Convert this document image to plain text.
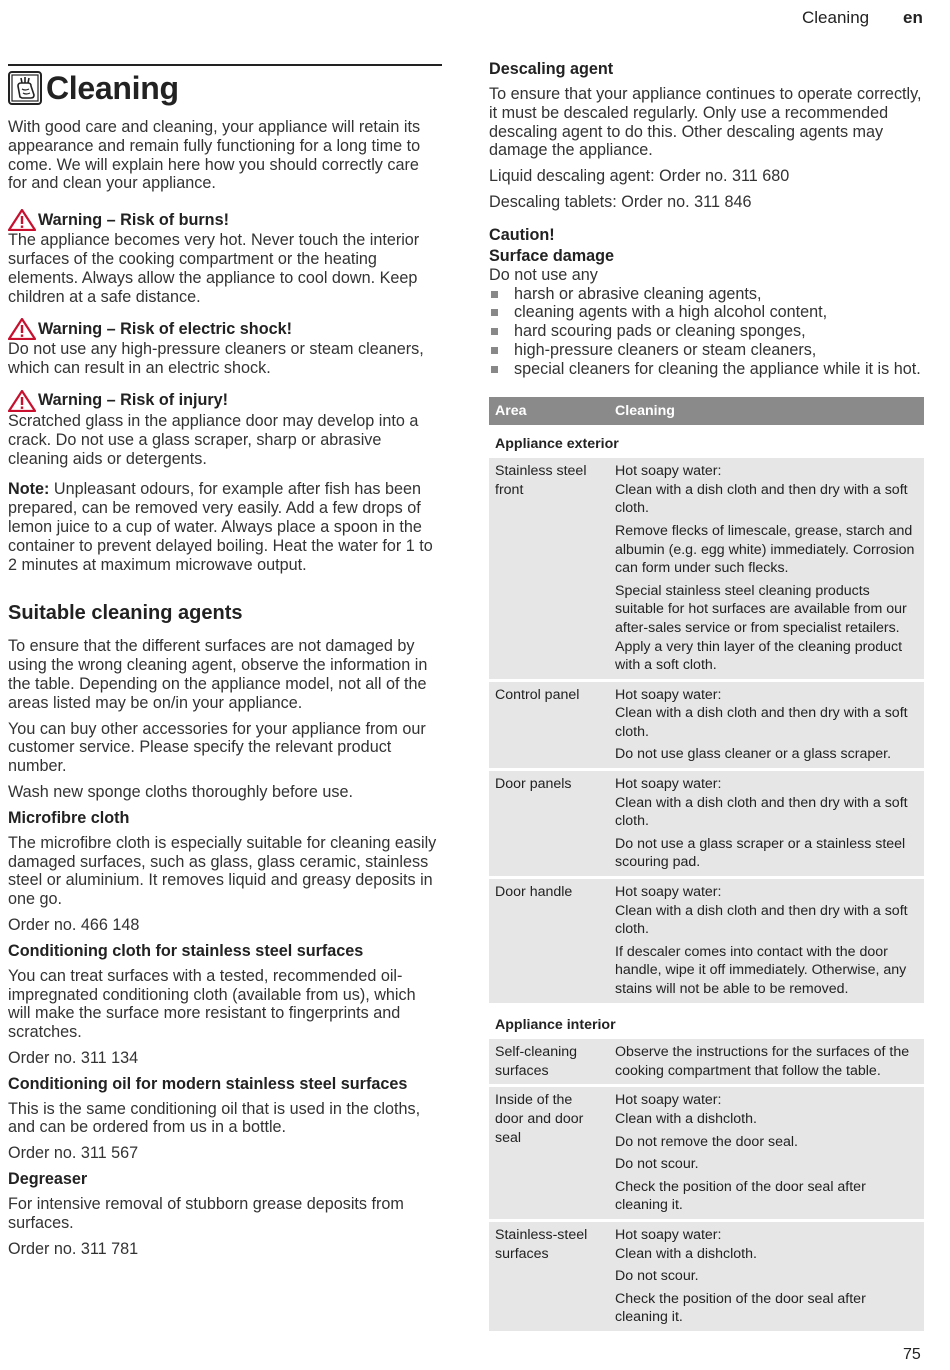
Cleaning en
Cleaning

With good care and cleaning, your appliance will retain its appearance and remain fully functioning for a long time to come. We will explain here how you should correctly care for and clean your appliance.

Warning – Risk of burns!

The appliance becomes very hot. Never touch the interior surfaces of the cooking compartment or the heating elements. Always allow the appliance to cool down. Keep children at a safe distance.

Warning – Risk of electric shock!

Do not use any high-pressure cleaners or steam cleaners, which can result in an electric shock.

Warning – Risk of injury!

Scratched glass in the appliance door may develop into a crack. Do not use a glass scraper, sharp or abrasive cleaning aids or detergents.

Note: Unpleasant odours, for example after fish has been prepared, can be removed very easily. Add a few drops of lemon juice to a cup of water. Always place a spoon in the container to prevent delayed boiling. Heat the water for 1 to 2 minutes at maximum microwave output.

Suitable cleaning agents

To ensure that the different surfaces are not damaged by using the wrong cleaning agent, observe the information in the table. Depending on the appliance model, not all of the areas listed may be on/in your appliance.

You can buy other accessories for your appliance from our customer service. Please specify the relevant product number.

Wash new sponge cloths thoroughly before use.

Microfibre cloth

The microfibre cloth is especially suitable for cleaning easily damaged surfaces, such as glass, glass ceramic, stainless steel or aluminium. It removes liquid and greasy deposits in one go.

Order no. 466 148

Conditioning cloth for stainless steel surfaces

You can treat surfaces with a tested, recommended oil-impregnated conditioning cloth (available from us), which will make the surface more resistant to fingerprints and scratches.

Order no. 311 134

Conditioning oil for modern stainless steel surfaces

This is the same conditioning oil that is used in the cloths, and can be ordered from us in a bottle.

Order no. 311 567

Degreaser

For intensive removal of stubborn grease deposits from surfaces.

Order no. 311 781

Descaling agent

To ensure that your appliance continues to operate correctly, it must be descaled regularly. Only use a recommended descaling agent to do this. Other descaling agents may damage the appliance.

Liquid descaling agent: Order no. 311 680

Descaling tablets: Order no. 311 846

Caution!
Surface damage

Do not use any

harsh or abrasive cleaning agents,
cleaning agents with a high alcohol content,
hard scouring pads or cleaning sponges,
high-pressure cleaners or steam cleaners,
special cleaners for cleaning the appliance while it is hot.
Area	Cleaning
Appliance exterior	
Stainless steel front	Hot soapy water:
Clean with a dish cloth and then dry with a soft cloth.
Remove flecks of limescale, grease, starch and albumin (e.g. egg white) immediately. Corrosion can form under such flecks.
Special stainless steel cleaning products suitable for hot surfaces are available from our after-sales service or from specialist retailers. Apply a very thin layer of the cleaning product with a soft cloth.

Control panel	Hot soapy water:
Clean with a dish cloth and then dry with a soft cloth.
Do not use glass cleaner or a glass scraper.

Door panels	Hot soapy water:
Clean with a dish cloth and then dry with a soft cloth.
Do not use a glass scraper or a stainless steel scouring pad.

Door handle	Hot soapy water:
Clean with a dish cloth and then dry with a soft cloth.
If descaler comes into contact with the door handle, wipe it off immediately. Otherwise, any stains will not be able to be removed.

Appliance interior	
Self-cleaning surfaces	Observe the instructions for the surfaces of the cooking compartment that follow the table.

Inside of the door and door seal	Hot soapy water:
Clean with a dishcloth.
Do not remove the door seal.
Do not scour.
Check the position of the door seal after cleaning it.

Stainless-steel surfaces	Hot soapy water:
Clean with a dishcloth.
Do not scour.
Check the position of the door seal after cleaning it.
75
